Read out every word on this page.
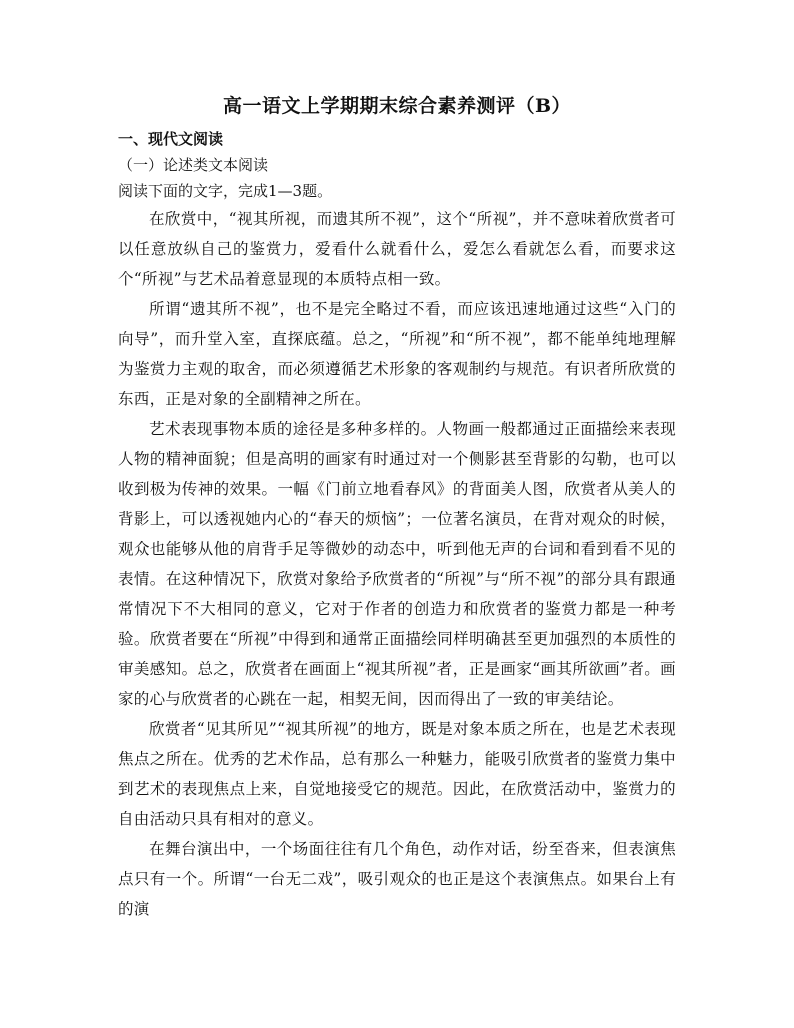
高一语文上学期期末综合素养测评（B）

一、现代文阅读

（一）论述类文本阅读

阅读下面的文字，完成1—3题。

在欣赏中，“视其所视，而遗其所不视”，这个“所视”，并不意味着欣赏者可以任意放纵自己的鉴赏力，爱看什么就看什么，爱怎么看就怎么看，而要求这个“所视”与艺术品着意显现的本质特点相一致。

所谓“遗其所不视”，也不是完全略过不看，而应该迅速地通过这些“入门的向导”，而升堂入室，直探底蕴。总之，“所视”和“所不视”，都不能单纯地理解为鉴赏力主观的取舍，而必须遵循艺术形象的客观制约与规范。有识者所欣赏的东西，正是对象的全副精神之所在。

艺术表现事物本质的途径是多种多样的。人物画一般都通过正面描绘来表现人物的精神面貌；但是高明的画家有时通过对一个侧影甚至背影的勾勒，也可以收到极为传神的效果。一幅《门前立地看春风》的背面美人图，欣赏者从美人的背影上，可以透视她内心的“春天的烦恼”；一位著名演员，在背对观众的时候，观众也能够从他的肩背手足等微妙的动态中，听到他无声的台词和看到看不见的表情。在这种情况下，欣赏对象给予欣赏者的“所视”与“所不视”的部分具有跟通常情况下不大相同的意义，它对于作者的创造力和欣赏者的鉴赏力都是一种考验。欣赏者要在“所视”中得到和通常正面描绘同样明确甚至更加强烈的本质性的审美感知。总之，欣赏者在画面上“视其所视”者，正是画家“画其所欲画”者。画家的心与欣赏者的心跳在一起，相契无间，因而得出了一致的审美结论。

欣赏者“见其所见”“视其所视”的地方，既是对象本质之所在，也是艺术表现焦点之所在。优秀的艺术作品，总有那么一种魅力，能吸引欣赏者的鉴赏力集中到艺术的表现焦点上来，自觉地接受它的规范。因此，在欣赏活动中，鉴赏力的自由活动只具有相对的意义。

在舞台演出中，一个场面往往有几个角色，动作对话，纷至沓来，但表演焦点只有一个。所谓“一台无二戏”，吸引观众的也正是这个表演焦点。如果台上有的演
